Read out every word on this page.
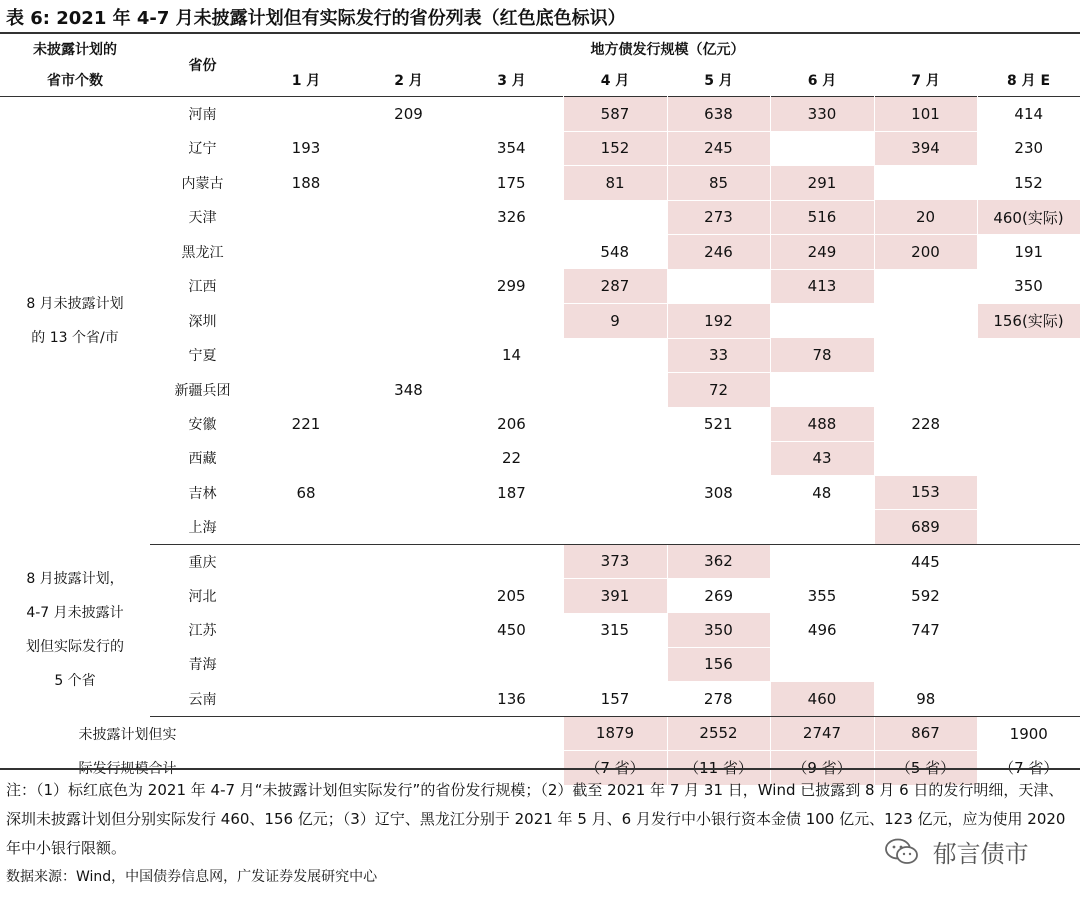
表 6: 2021 年 4-7 月未披露计划但有实际发行的省份列表（红色底色标识）
未披露计划的	省份	地方债发行规模（亿元）							
省市个数		1 月	2 月	3 月	4 月	5 月	6 月	7 月	8 月 E

8 月未披露计划
的 13 个省/市	河南		209		587	638	330	101	414
	辽宁	193		354	152	245		394	230
	内蒙古	188		175	81	85	291		152
	天津			326		273	516	20	460(实际)
	黑龙江				548	246	249	200	191
	江西			299	287		413		350
	深圳				9	192			156(实际)
	宁夏			14		33	78		
	新疆兵团		348			72			
	安徽	221		206		521	488	228	
	西藏			22			43		
	吉林	68		187		308	48	153	
	上海							689	

8 月披露计划，
4-7 月未披露计
划但实际发行的
5 个省	重庆				373	362		445	
	河北			205	391	269	355	592	
	江苏			450	315	350	496	747	
	青海					156			
	云南			136	157	278	460	98	
未披露计划但实					1879	2552	2747	867	1900
际发行规模合计					（7 省）	（11 省）	（9 省）	（5 省）	（7 省）
注：（1）标红底色为 2021 年 4-7 月“未披露计划但实际发行”的省份发行规模；（2）截至 2021 年 7 月 31 日，Wind 已披露到 8 月 6 日的发行明细，天津、深圳未披露计划但分别实际发行 460、156 亿元；（3）辽宁、黑龙江分别于 2021 年 5 月、6 月发行中小银行资本金债 100 亿元、123 亿元，应为使用 2020 年中小银行限额。
数据来源：Wind，中国债券信息网，广发证券发展研究中心
郁言债市
